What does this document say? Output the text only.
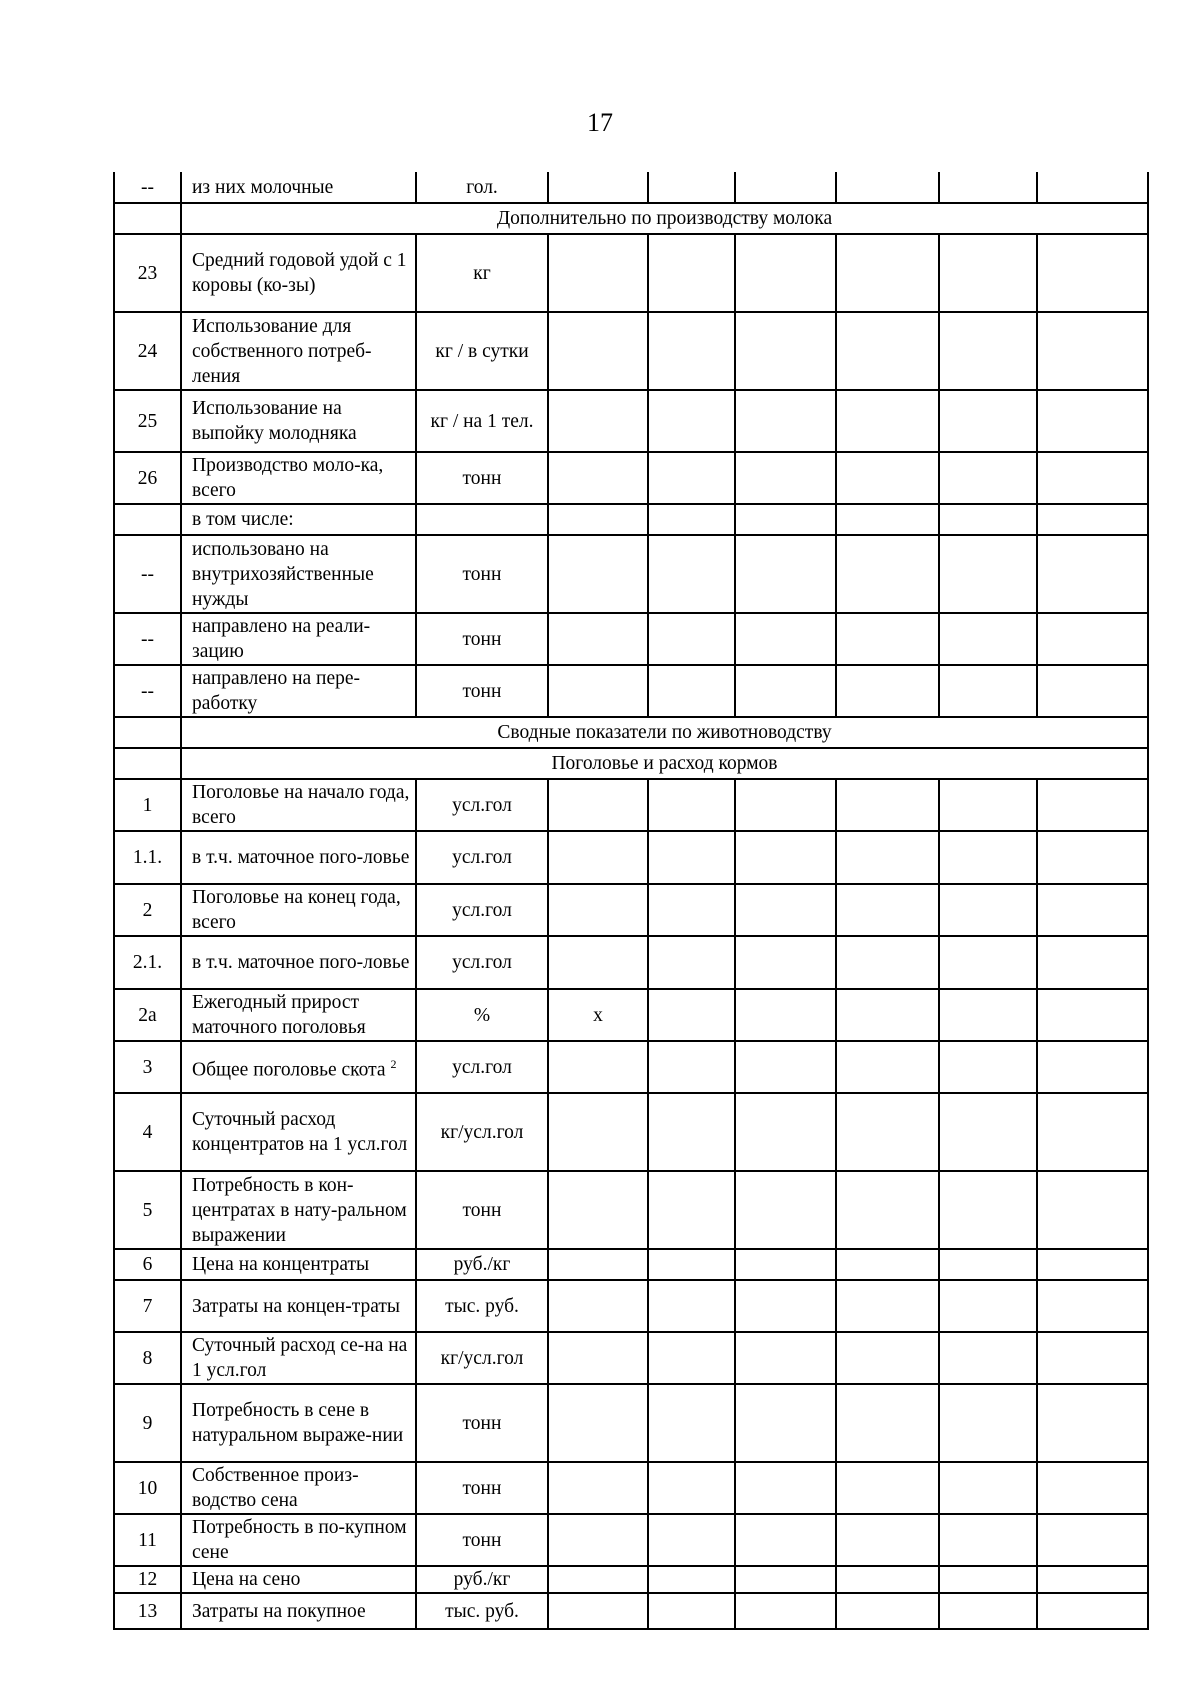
17
--	из них молочные	гол.						
	Дополнительно по производству молока							
23	Средний годовой удой с 1 коровы (ко-зы)	кг						
24	Использование для собственного потреб-ления	кг / в сутки						
25	Использование на выпойку молодняка	кг / на 1 тел.						
26	Производство моло-ка, всего	тонн						
	в том числе:							
--	использовано на внутрихозяйственные нужды	тонн						
--	направлено на реали-зацию	тонн						
--	направлено на пере-работку	тонн						
	Сводные показатели по животноводству							
	Поголовье и расход кормов							
1	Поголовье на начало года, всего	усл.гол						
1.1.	в т.ч. маточное пого-ловье	усл.гол						
2	Поголовье на конец года, всего	усл.гол						
2.1.	в т.ч. маточное пого-ловье	усл.гол						
2а	Ежегодный прирост маточного поголовья	%	х					
3	Общее поголовье скота $^2$	усл.гол						
4	Суточный расход концентратов на 1 усл.гол	кг/усл.гол						
5	Потребность в кон-центратах в нату-ральном выражении	тонн						
6	Цена на концентраты	руб./кг						
7	Затраты на концен-траты	тыс. руб.						
8	Суточный расход се-на на 1 усл.гол	кг/усл.гол						
9	Потребность в сене в натуральном выраже-нии	тонн						
10	Собственное произ-водство сена	тонн						
11	Потребность в по-купном сене	тонн						
12	Цена на сено	руб./кг						
13	Затраты на покупное	тыс. руб.						
